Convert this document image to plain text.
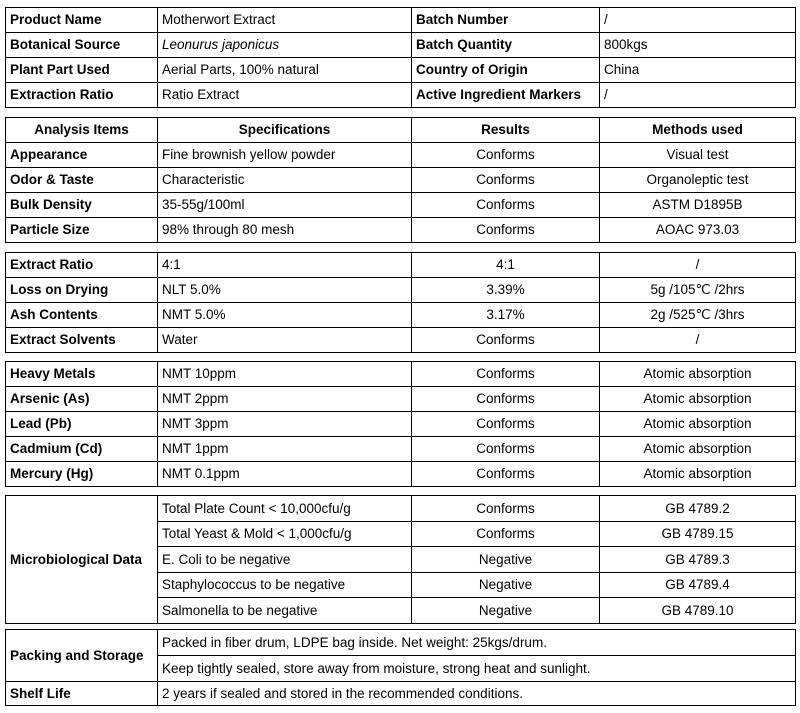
Product Name	Motherwort Extract	Batch Number	/
Botanical Source	Leonurus japonicus	Batch Quantity	800kgs
Plant Part Used	Aerial Parts, 100% natural	Country of Origin	China
Extraction Ratio	Ratio Extract	Active Ingredient Markers	/
Analysis Items	Specifications	Results	Methods used
Appearance	Fine brownish yellow powder	Conforms	Visual test
Odor & Taste	Characteristic	Conforms	Organoleptic test
Bulk Density	35-55g/100ml	Conforms	ASTM D1895B
Particle Size	98% through 80 mesh	Conforms	AOAC 973.03
Extract Ratio	4:1	4:1	/
Loss on Drying	NLT 5.0%	3.39%	5g /105℃ /2hrs
Ash Contents	NMT 5.0%	3.17%	2g /525℃ /3hrs
Extract Solvents	Water	Conforms	/
Heavy Metals	NMT 10ppm	Conforms	Atomic absorption
Arsenic (As)	NMT 2ppm	Conforms	Atomic absorption
Lead (Pb)	NMT 3ppm	Conforms	Atomic absorption
Cadmium (Cd)	NMT 1ppm	Conforms	Atomic absorption
Mercury (Hg)	NMT 0.1ppm	Conforms	Atomic absorption
Microbiological Data	Total Plate Count < 10,000cfu/g	Conforms	GB 4789.2
	Total Yeast & Mold < 1,000cfu/g	Conforms	GB 4789.15
	E. Coli to be negative	Negative	GB 4789.3
	Staphylococcus to be negative	Negative	GB 4789.4
	Salmonella to be negative	Negative	GB 4789.10
Packing and Storage	Packed in fiber drum, LDPE bag inside. Net weight: 25kgs/drum.
	Keep tightly sealed, store away from moisture, strong heat and sunlight.
Shelf Life	2 years if sealed and stored in the recommended conditions.
